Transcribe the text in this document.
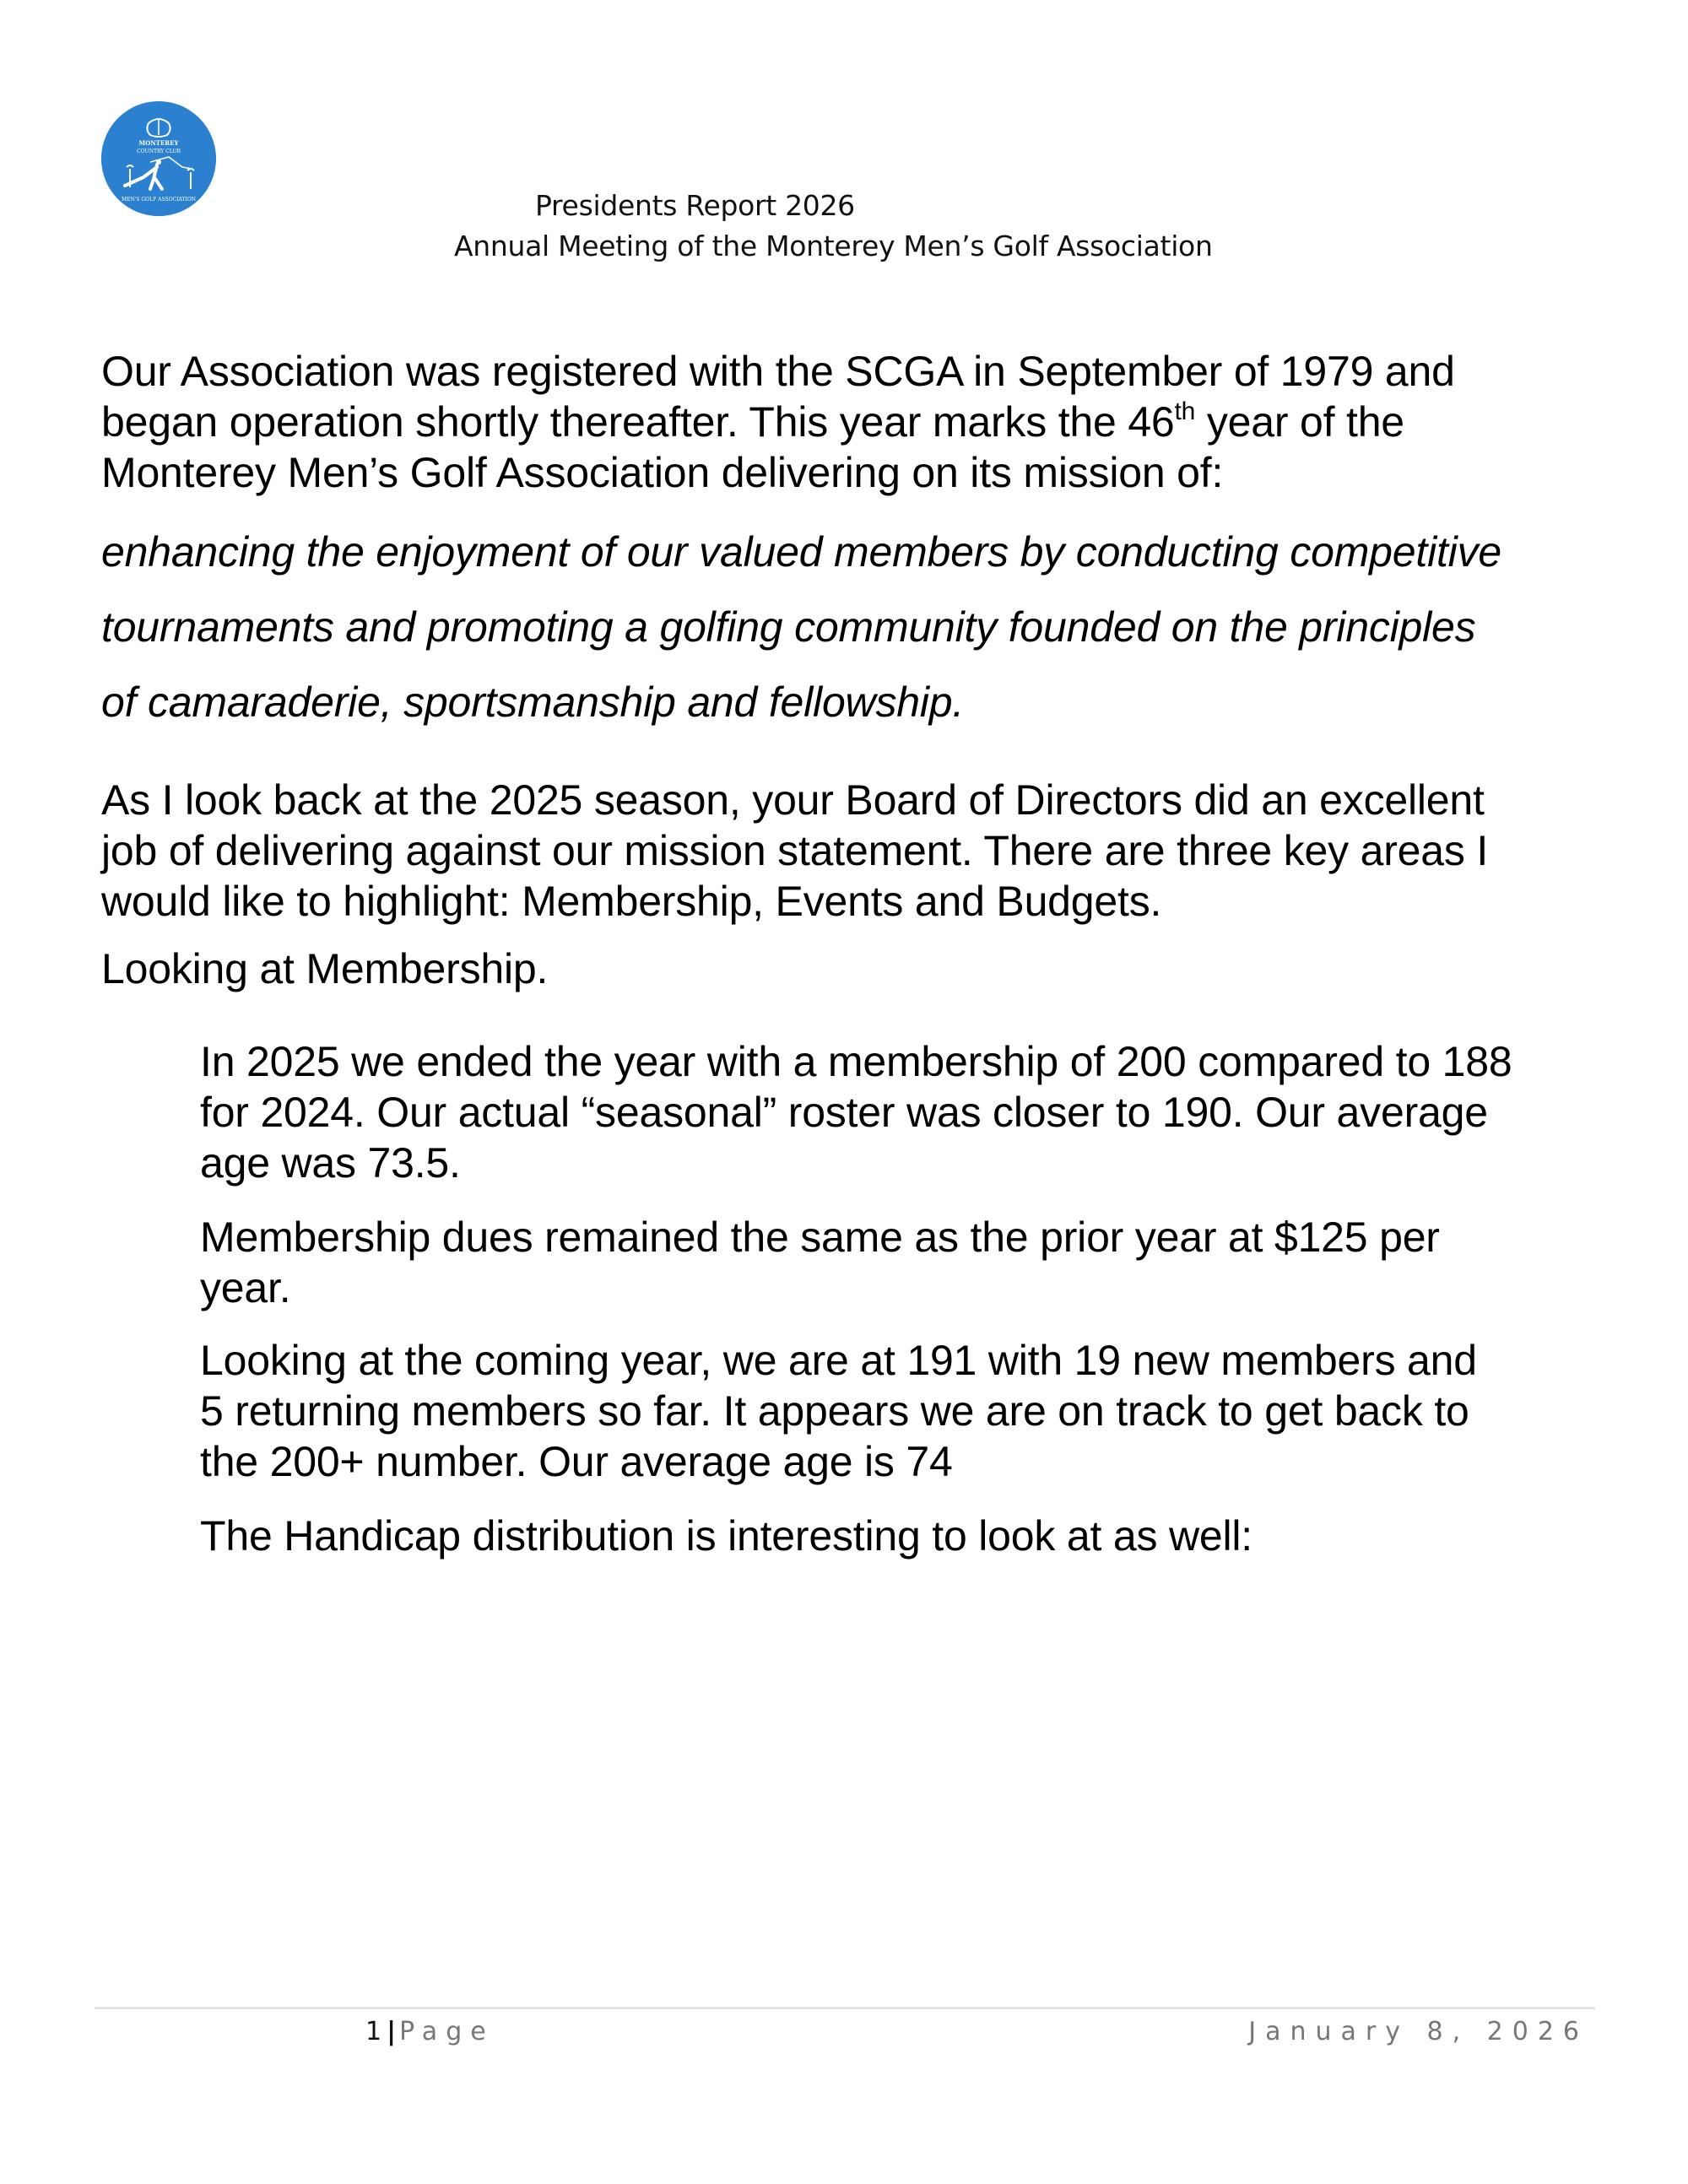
MONTEREY
COUNTRY CLUB
MEN'S GOLF ASSOCIATION	Presidents Report 2026
Annual Meeting of the Monterey Men’s Golf Association
Our Association was registered with the SCGA in September of 1979 and
began operation shortly thereafter. This year marks the 46th year of the
Monterey Men’s Golf Association delivering on its mission of:
enhancing the enjoyment of our valued members by conducting competitive
tournaments and promoting a golfing community founded on the principles
of camaraderie, sportsmanship and fellowship.
As I look back at the 2025 season, your Board of Directors did an excellent
job of delivering against our mission statement. There are three key areas I
would like to highlight: Membership, Events and Budgets.
Looking at Membership.
In 2025 we ended the year with a membership of 200 compared to 188
for 2024. Our actual “seasonal” roster was closer to 190. Our average
age was 73.5.
Membership dues remained the same as the prior year at $125 per
year.
Looking at the coming year, we are at 191 with 19 new members and
5 returning members so far. It appears we are on track to get back to
the 200+ number. Our average age is 74
The Handicap distribution is interesting to look at as well:
1 | Page	January 8, 2026
